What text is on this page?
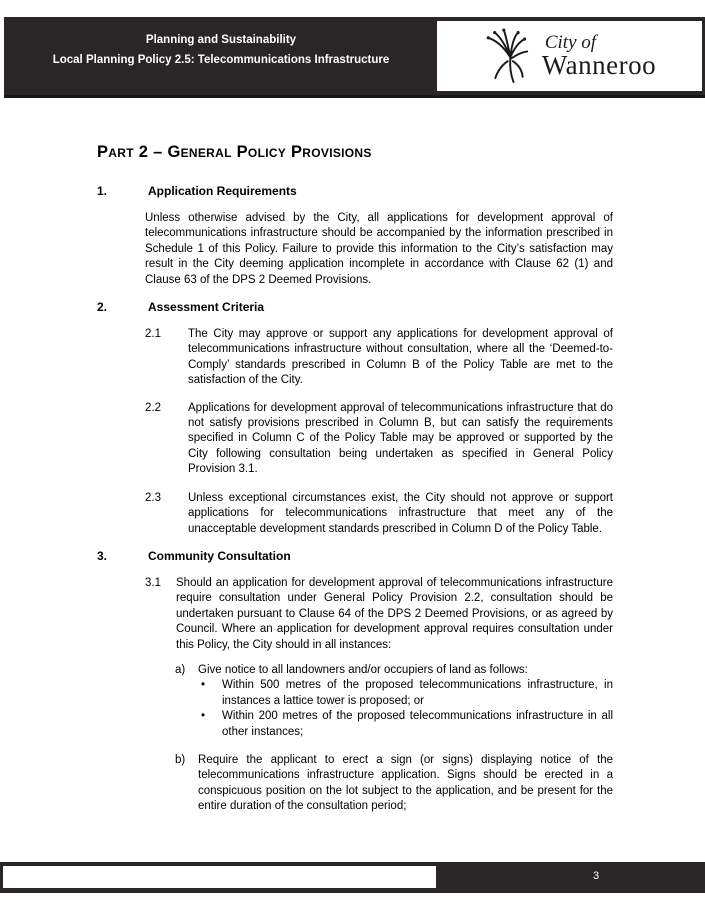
Planning and Sustainability
Local Planning Policy 2.5: Telecommunications Infrastructure
City of
Wanneroo
Part 2 – General Policy Provisions
1.	Application Requirements
Unless otherwise advised by the City, all applications for development approval of telecommunications infrastructure should be accompanied by the information prescribed in Schedule 1 of this Policy. Failure to provide this information to the City’s satisfaction may result in the City deeming application incomplete in accordance with Clause 62 (1) and Clause 63 of the DPS 2 Deemed Provisions.
2.	Assessment Criteria
2.1	The City may approve or support any applications for development approval of telecommunications infrastructure without consultation, where all the ‘Deemed-to-Comply’ standards prescribed in Column B of the Policy Table are met to the satisfaction of the City.
2.2	Applications for development approval of telecommunications infrastructure that do not satisfy provisions prescribed in Column B, but can satisfy the requirements specified in Column C of the Policy Table may be approved or supported by the City following consultation being undertaken as specified in General Policy Provision 3.1.
2.3	Unless exceptional circumstances exist, the City should not approve or support applications for telecommunications infrastructure that meet any of the unacceptable development standards prescribed in Column D of the Policy Table.
3.	Community Consultation
3.1	Should an application for development approval of telecommunications infrastructure require consultation under General Policy Provision 2.2, consultation should be undertaken pursuant to Clause 64 of the DPS 2 Deemed Provisions, or as agreed by Council. Where an application for development approval requires consultation under this Policy, the City should in all instances:
a)	Give notice to all landowners and/or occupiers of land as follows:
•	Within 500 metres of the proposed telecommunications infrastructure, in instances a lattice tower is proposed; or
•	Within 200 metres of the proposed telecommunications infrastructure in all other instances;
b)	Require the applicant to erect a sign (or signs) displaying notice of the telecommunications infrastructure application. Signs should be erected in a conspicuous position on the lot subject to the application, and be present for the entire duration of the consultation period;
3
